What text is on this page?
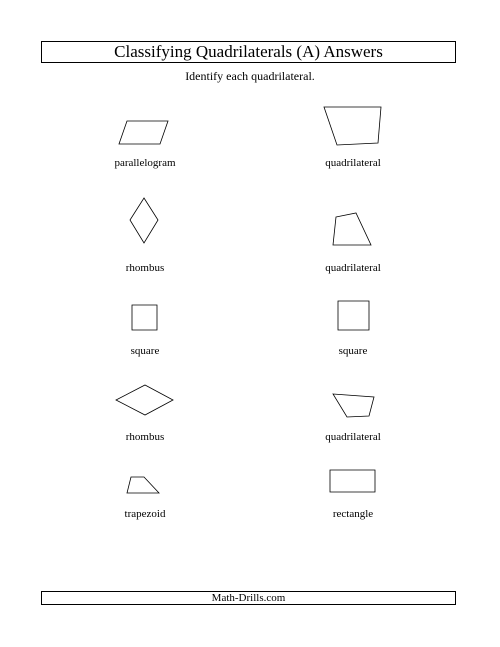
Classifying Quadrilaterals (A) Answers
Identify each quadrilateral.
parallelogram	quadrilateral
rhombus	quadrilateral
square	square
rhombus	quadrilateral
trapezoid	rectangle
Math-Drills.com
